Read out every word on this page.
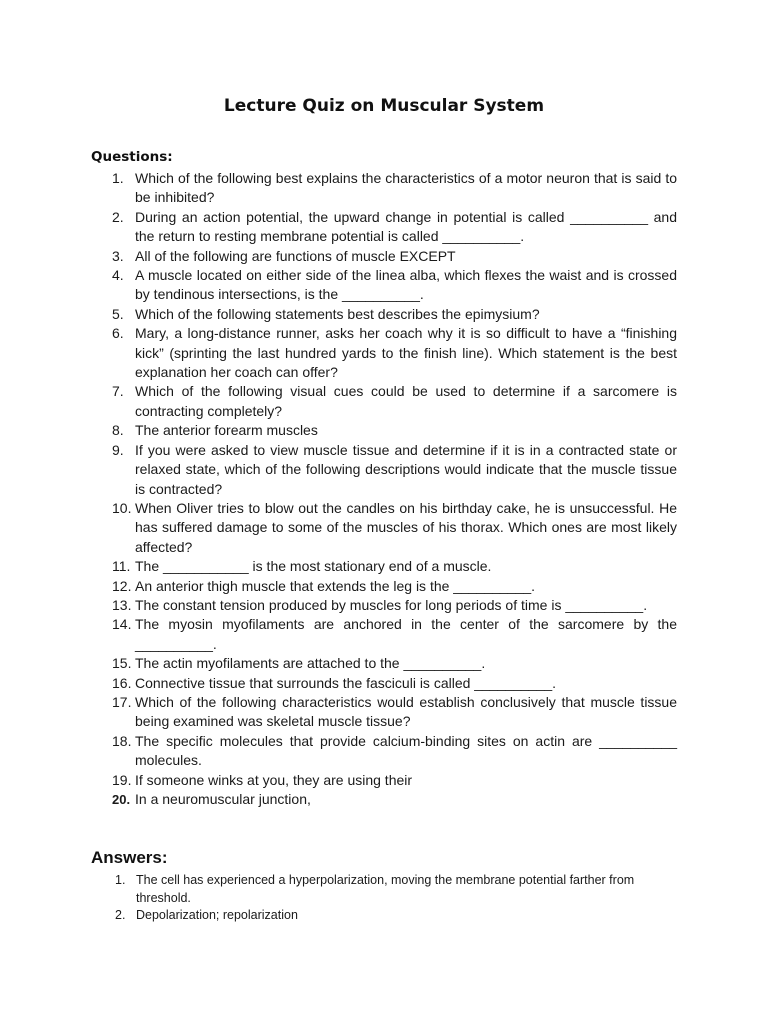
Lecture Quiz on Muscular System
Questions:
1. Which of the following best explains the characteristics of a motor neuron that is said to be inhibited?
2. During an action potential, the upward change in potential is called __________ and the return to resting membrane potential is called __________.
3. All of the following are functions of muscle EXCEPT
4. A muscle located on either side of the linea alba, which flexes the waist and is crossed by tendinous intersections, is the __________.
5. Which of the following statements best describes the epimysium?
6. Mary, a long-distance runner, asks her coach why it is so difficult to have a “finishing kick” (sprinting the last hundred yards to the finish line). Which statement is the best explanation her coach can offer?
7. Which of the following visual cues could be used to determine if a sarcomere is contracting completely?
8. The anterior forearm muscles
9. If you were asked to view muscle tissue and determine if it is in a contracted state or relaxed state, which of the following descriptions would indicate that the muscle tissue is contracted?
10. When Oliver tries to blow out the candles on his birthday cake, he is unsuccessful. He has suffered damage to some of the muscles of his thorax. Which ones are most likely affected?
11. The ___________ is the most stationary end of a muscle.
12. An anterior thigh muscle that extends the leg is the __________.
13. The constant tension produced by muscles for long periods of time is __________.
14. The myosin myofilaments are anchored in the center of the sarcomere by the __________.
15. The actin myofilaments are attached to the __________.
16. Connective tissue that surrounds the fasciculi is called __________.
17. Which of the following characteristics would establish conclusively that muscle tissue being examined was skeletal muscle tissue?
18. The specific molecules that provide calcium-binding sites on actin are __________ molecules.
19. If someone winks at you, they are using their
20. In a neuromuscular junction,
Answers:
1. The cell has experienced a hyperpolarization, moving the membrane potential farther from threshold.
2. Depolarization; repolarization
